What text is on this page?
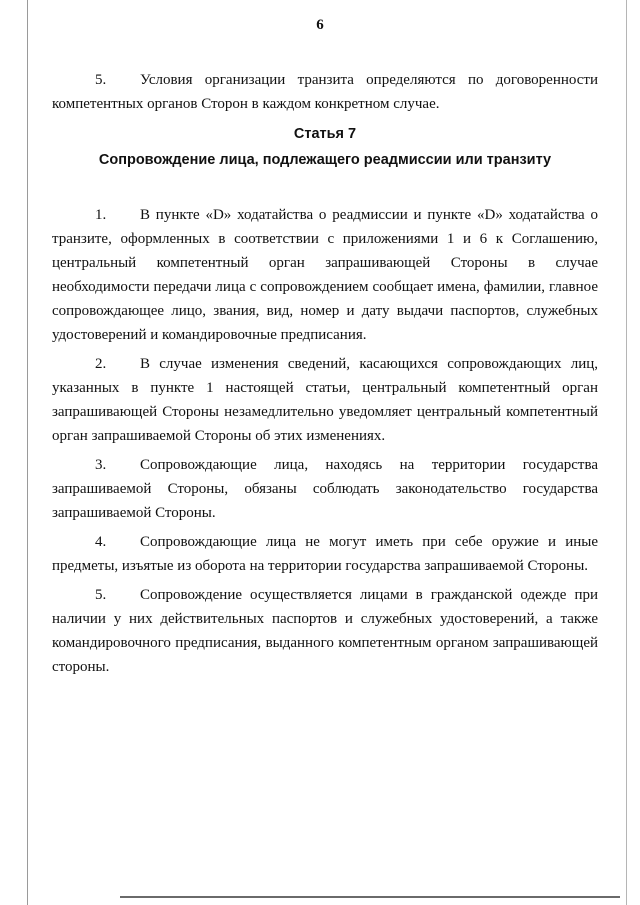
6

5. Условия организации транзита определяются по договоренности компетентных органов Сторон в каждом конкретном случае.

Статья 7
Сопровождение лица, подлежащего реадмиссии или транзиту

1. В пункте «D» ходатайства о реадмиссии и пункте «D» ходатайства о транзите, оформленных в соответствии с приложениями 1 и 6 к Соглашению, центральный компетентный орган запрашивающей Стороны в случае необходимости передачи лица с сопровождением сообщает имена, фамилии, главное сопровождающее лицо, звания, вид, номер и дату выдачи паспортов, служебных удостоверений и командировочные предписания.

2. В случае изменения сведений, касающихся сопровождающих лиц, указанных в пункте 1 настоящей статьи, центральный компетентный орган запрашивающей Стороны незамедлительно уведомляет центральный компетентный орган запрашиваемой Стороны об этих изменениях.

3. Сопровождающие лица, находясь на территории государства запрашиваемой Стороны, обязаны соблюдать законодательство государства запрашиваемой Стороны.

4. Сопровождающие лица не могут иметь при себе оружие и иные предметы, изъятые из оборота на территории государства запрашиваемой Стороны.

5. Сопровождение осуществляется лицами в гражданской одежде при наличии у них действительных паспортов и служебных удостоверений, а также командировочного предписания, выданного компетентным органом запрашивающей стороны.
